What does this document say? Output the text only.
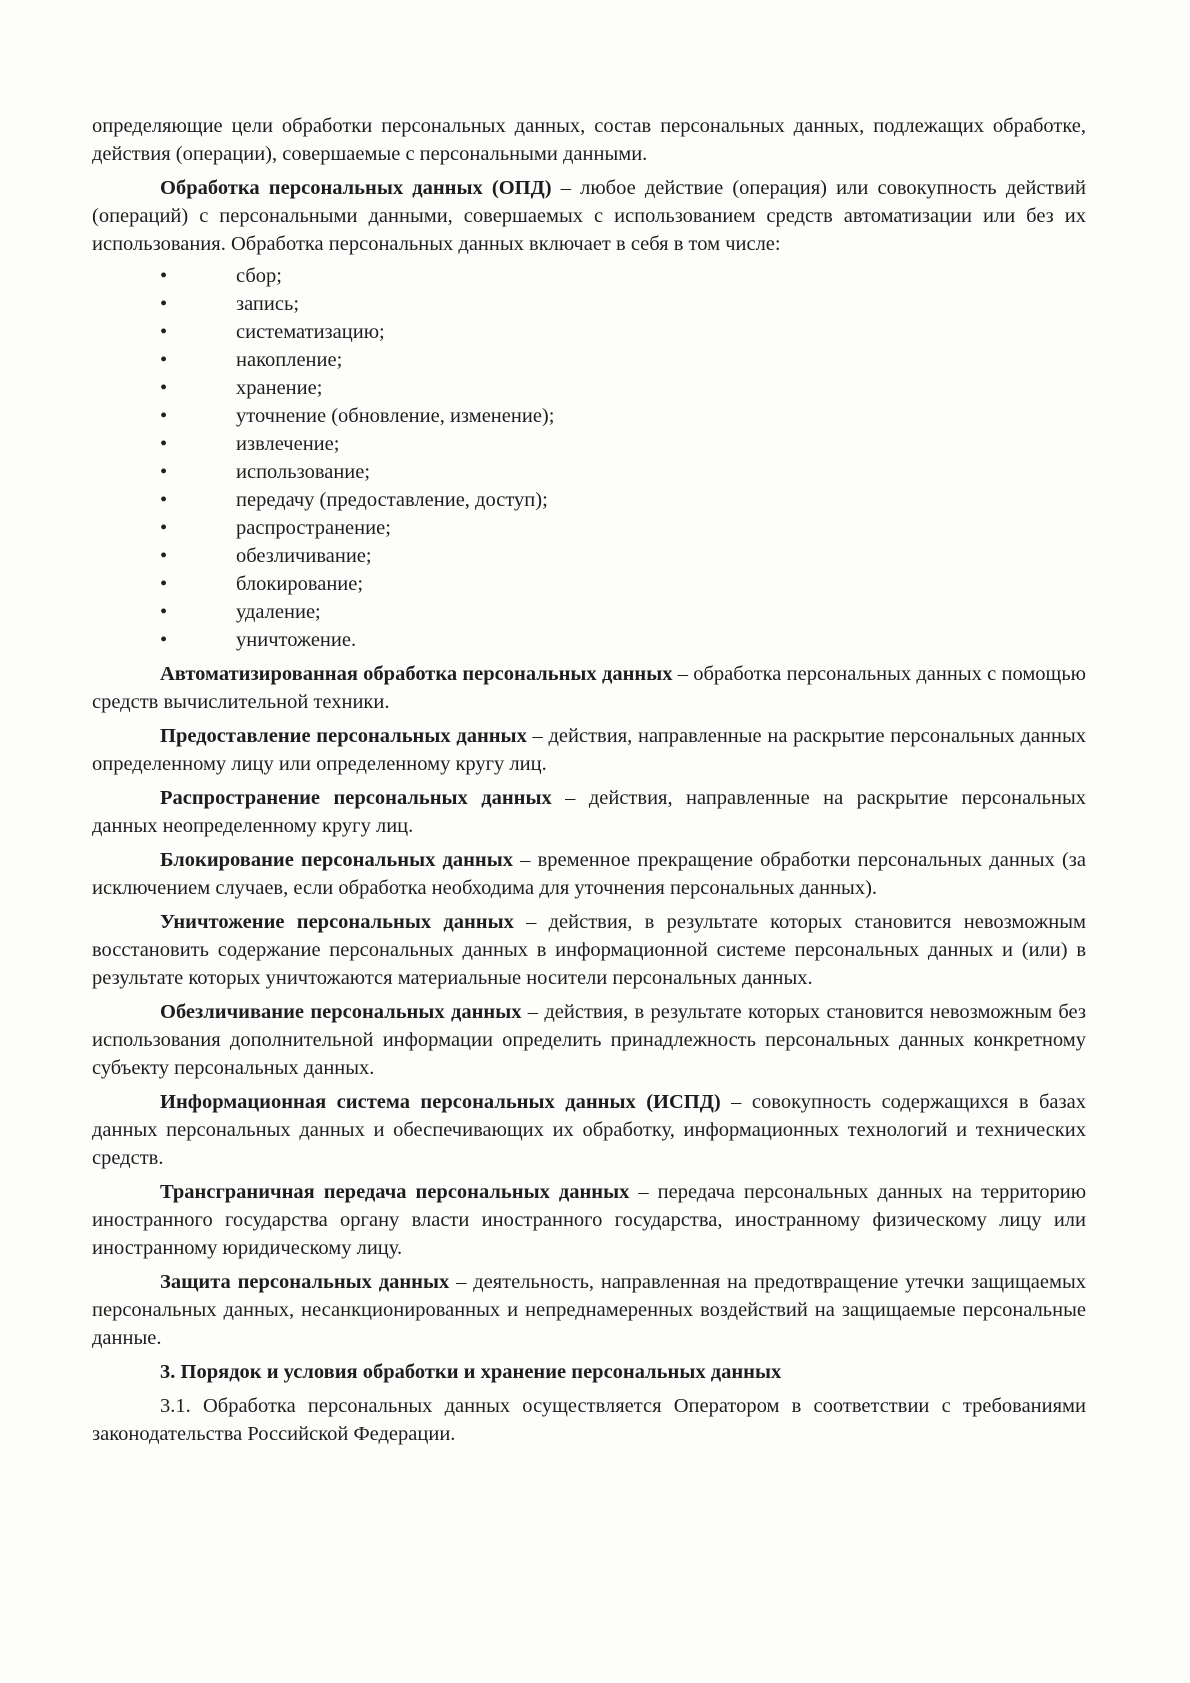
определяющие цели обработки персональных данных, состав персональных данных, подлежащих обработке, действия (операции), совершаемые с персональными данными.

Обработка персональных данных (ОПД) – любое действие (операция) или совокупность действий (операций) с персональными данными, совершаемых с использованием средств автоматизации или без их использования. Обработка персональных данных включает в себя в том числе:

•	сбор;
•	запись;
•	систематизацию;
•	накопление;
•	хранение;
•	уточнение (обновление, изменение);
•	извлечение;
•	использование;
•	передачу (предоставление, доступ);
•	распространение;
•	обезличивание;
•	блокирование;
•	удаление;
•	уничтожение.

Автоматизированная обработка персональных данных – обработка персональных данных с помощью средств вычислительной техники.

Предоставление персональных данных – действия, направленные на раскрытие персональных данных определенному лицу или определенному кругу лиц.

Распространение персональных данных – действия, направленные на раскрытие персональных данных неопределенному кругу лиц.

Блокирование персональных данных – временное прекращение обработки персональных данных (за исключением случаев, если обработка необходима для уточнения персональных данных).

Уничтожение персональных данных – действия, в результате которых становится невозможным восстановить содержание персональных данных в информационной системе персональных данных и (или) в результате которых уничтожаются материальные носители персональных данных.

Обезличивание персональных данных – действия, в результате которых становится невозможным без использования дополнительной информации определить принадлежность персональных данных конкретному субъекту персональных данных.

Информационная система персональных данных (ИСПД) – совокупность содержащихся в базах данных персональных данных и обеспечивающих их обработку, информационных технологий и технических средств.

Трансграничная передача персональных данных – передача персональных данных на территорию иностранного государства органу власти иностранного государства, иностранному физическому лицу или иностранному юридическому лицу.

Защита персональных данных – деятельность, направленная на предотвращение утечки защищаемых персональных данных, несанкционированных и непреднамеренных воздействий на защищаемые персональные данные.

3. Порядок и условия обработки и хранение персональных данных

3.1. Обработка персональных данных осуществляется Оператором в соответствии с требованиями законодательства Российской Федерации.
